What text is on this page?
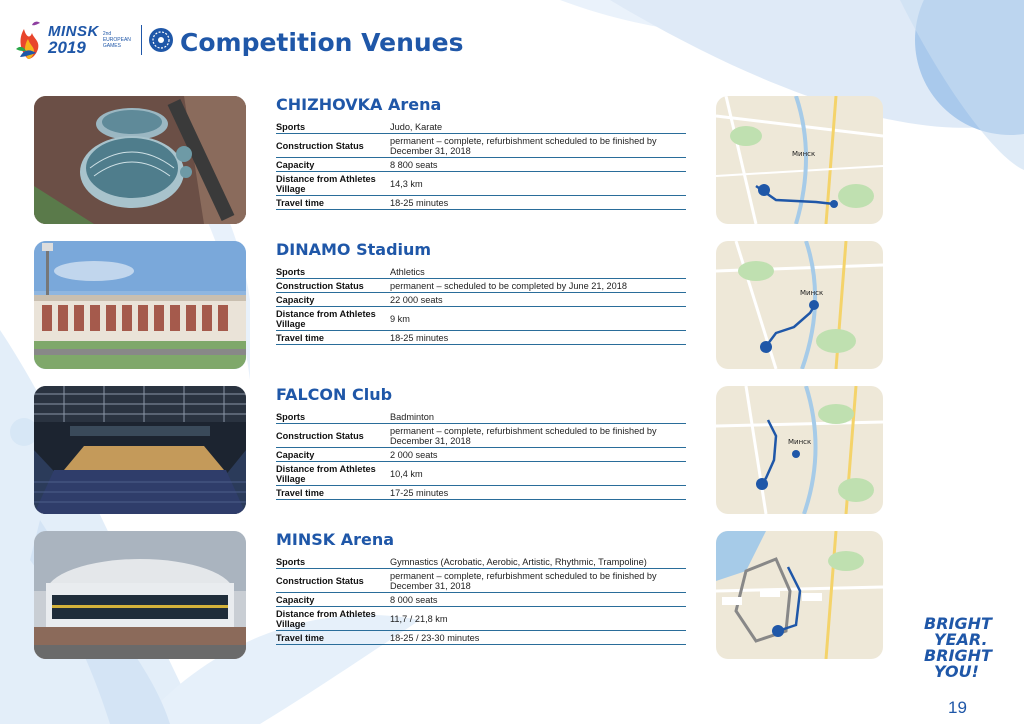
MINSK
2019
2nd EUROPEAN GAMES	Competition Venues
CHIZHOVKA Arena
Sports	Judo, Karate
Construction Status	permanent – complete, refurbishment scheduled to be finished by December 31, 2018
Capacity	8 800 seats
Distance from Athletes Village	14,3 km
Travel time	18-25 minutes
Минск
DINAMO Stadium
Sports	Athletics
Construction Status	permanent – scheduled to be completed by June 21, 2018
Capacity	22 000 seats
Distance from Athletes Village	9 km
Travel time	18-25 minutes
Минск
FALCON Club
Sports	Badminton
Construction Status	permanent – complete, refurbishment scheduled to be finished by December 31, 2018
Capacity	2 000 seats
Distance from Athletes Village	10,4 km
Travel time	17-25 minutes
Минск
MINSK Arena
Sports	Gymnastics (Acrobatic, Aerobic, Artistic, Rhythmic, Trampoline)
Construction Status	permanent – complete, refurbishment scheduled to be finished by December 31, 2018
Capacity	8 000 seats
Distance from Athletes Village	11,7 / 21,8 km
Travel time	18-25 / 23-30 minutes
BRIGHT
YEAR.
BRIGHT
YOU!
19
